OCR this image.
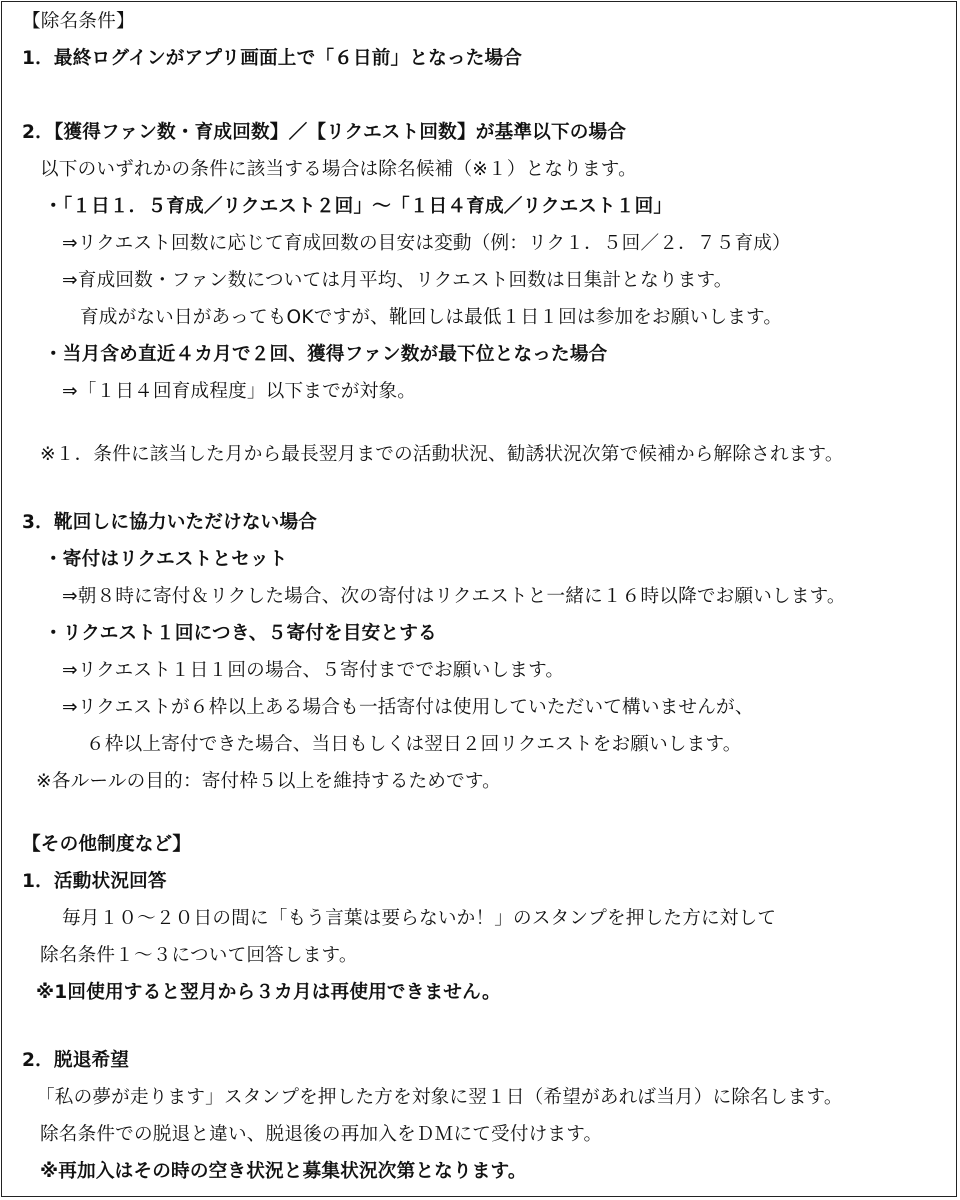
【除名条件】
1．最終ログインがアプリ画面上で「６日前」となった場合
2．【獲得ファン数・育成回数】／【リクエスト回数】が基準以下の場合
以下のいずれかの条件に該当する場合は除名候補（※１）となります。
・「１日１．５育成／リクエスト２回」〜「１日４育成／リクエスト１回」
⇒リクエスト回数に応じて育成回数の目安は変動（例：リク１．５回／２．７５育成）
⇒育成回数・ファン数については月平均、リクエスト回数は日集計となります。
育成がない日があってもOKですが、靴回しは最低１日１回は参加をお願いします。
・当月含め直近４カ月で２回、獲得ファン数が最下位となった場合
⇒「１日４回育成程度」以下までが対象。
※１．条件に該当した月から最長翌月までの活動状況、勧誘状況次第で候補から解除されます。
3．靴回しに協力いただけない場合
・寄付はリクエストとセット
⇒朝８時に寄付＆リクした場合、次の寄付はリクエストと一緒に１６時以降でお願いします。
・リクエスト１回につき、５寄付を目安とする
⇒リクエスト１日１回の場合、５寄付まででお願いします。
⇒リクエストが６枠以上ある場合も一括寄付は使用していただいて構いませんが、
６枠以上寄付できた場合、当日もしくは翌日２回リクエストをお願いします。
※各ルールの目的：寄付枠５以上を維持するためです。
【その他制度など】
1．活動状況回答
毎月１０〜２０日の間に「もう言葉は要らないか！」のスタンプを押した方に対して
除名条件１〜３について回答します。
※1回使用すると翌月から３カ月は再使用できません。
2．脱退希望
「私の夢が走ります」スタンプを押した方を対象に翌１日（希望があれば当月）に除名します。
除名条件での脱退と違い、脱退後の再加入をＤＭにて受付けます。
※再加入はその時の空き状況と募集状況次第となります。
